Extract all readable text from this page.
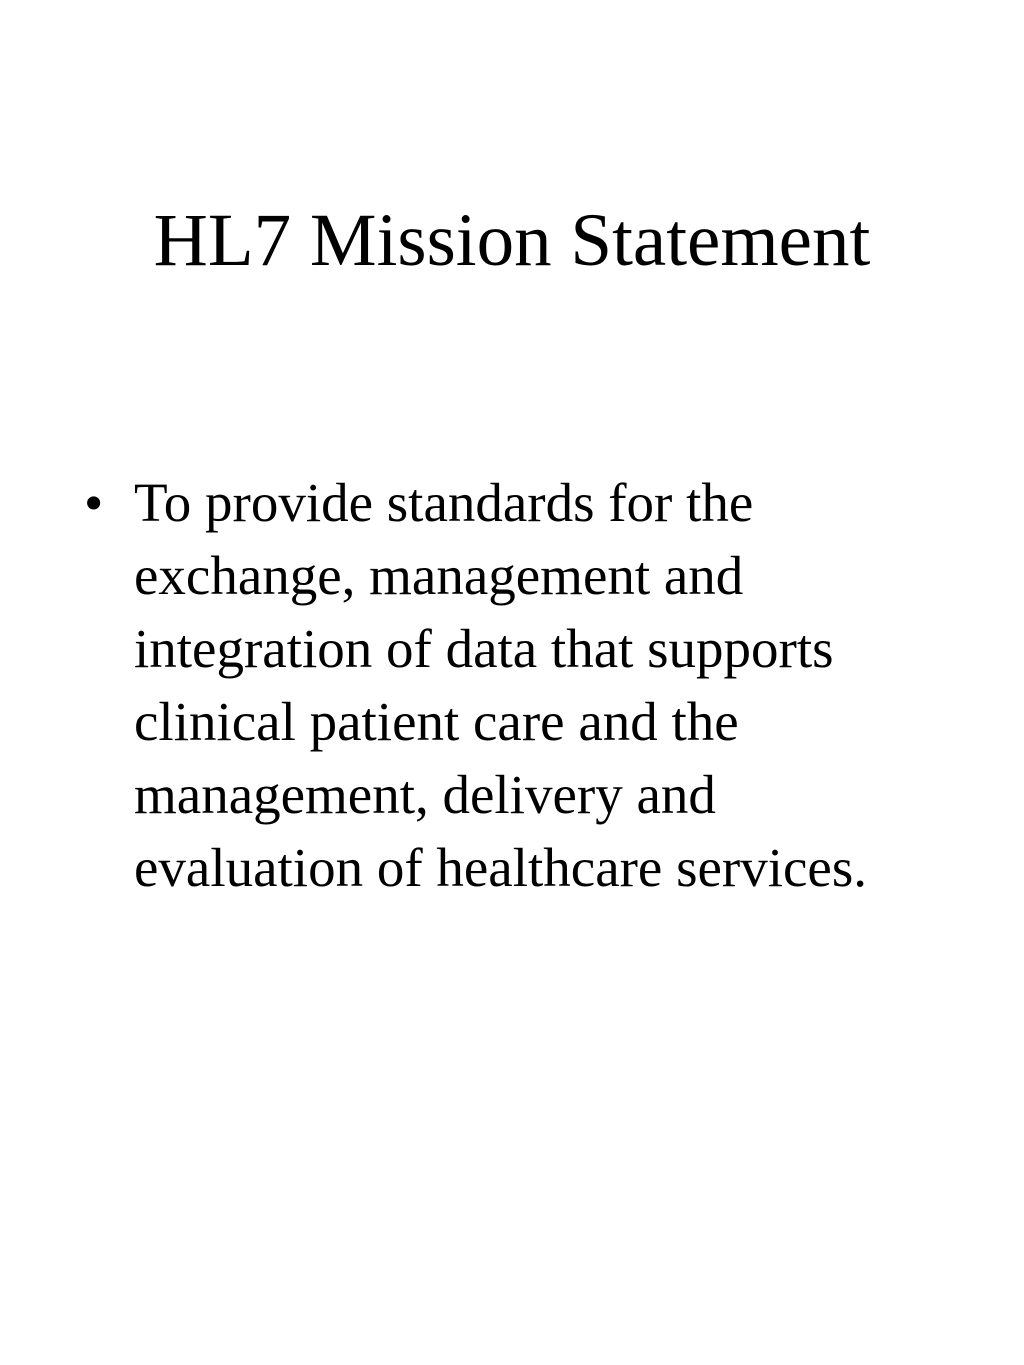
HL7 Mission Statement
• To provide standards for the exchange, management and integration of data that supports clinical patient care and the management, delivery and evaluation of healthcare services.
